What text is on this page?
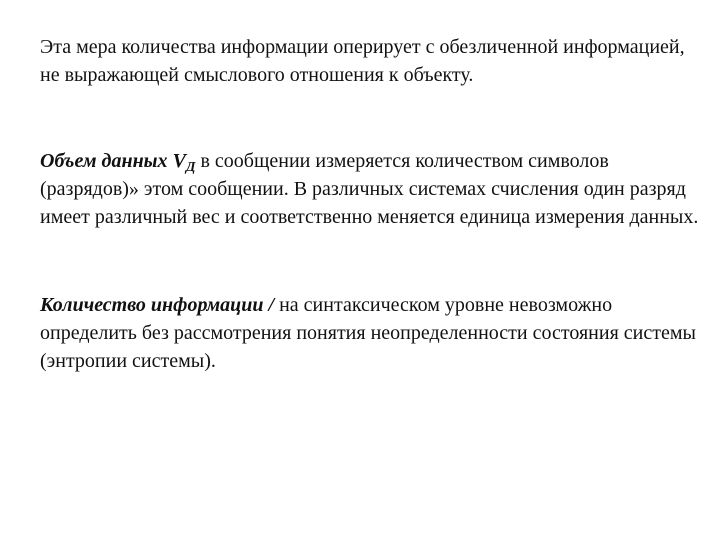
Эта мера количества информации оперирует с обезличенной информацией, не выражающей смыслового отношения к объекту.

Объем данных $V_Д$ в сообщении измеряется количеством символов (разрядов)» этом сообщении. В различных системах счисления один разряд имеет различный вес и соответственно меняется единица измерения данных.

Количество информации / на синтаксическом уровне невозможно определить без рассмотрения понятия неопределенности состояния системы (энтропии системы).
